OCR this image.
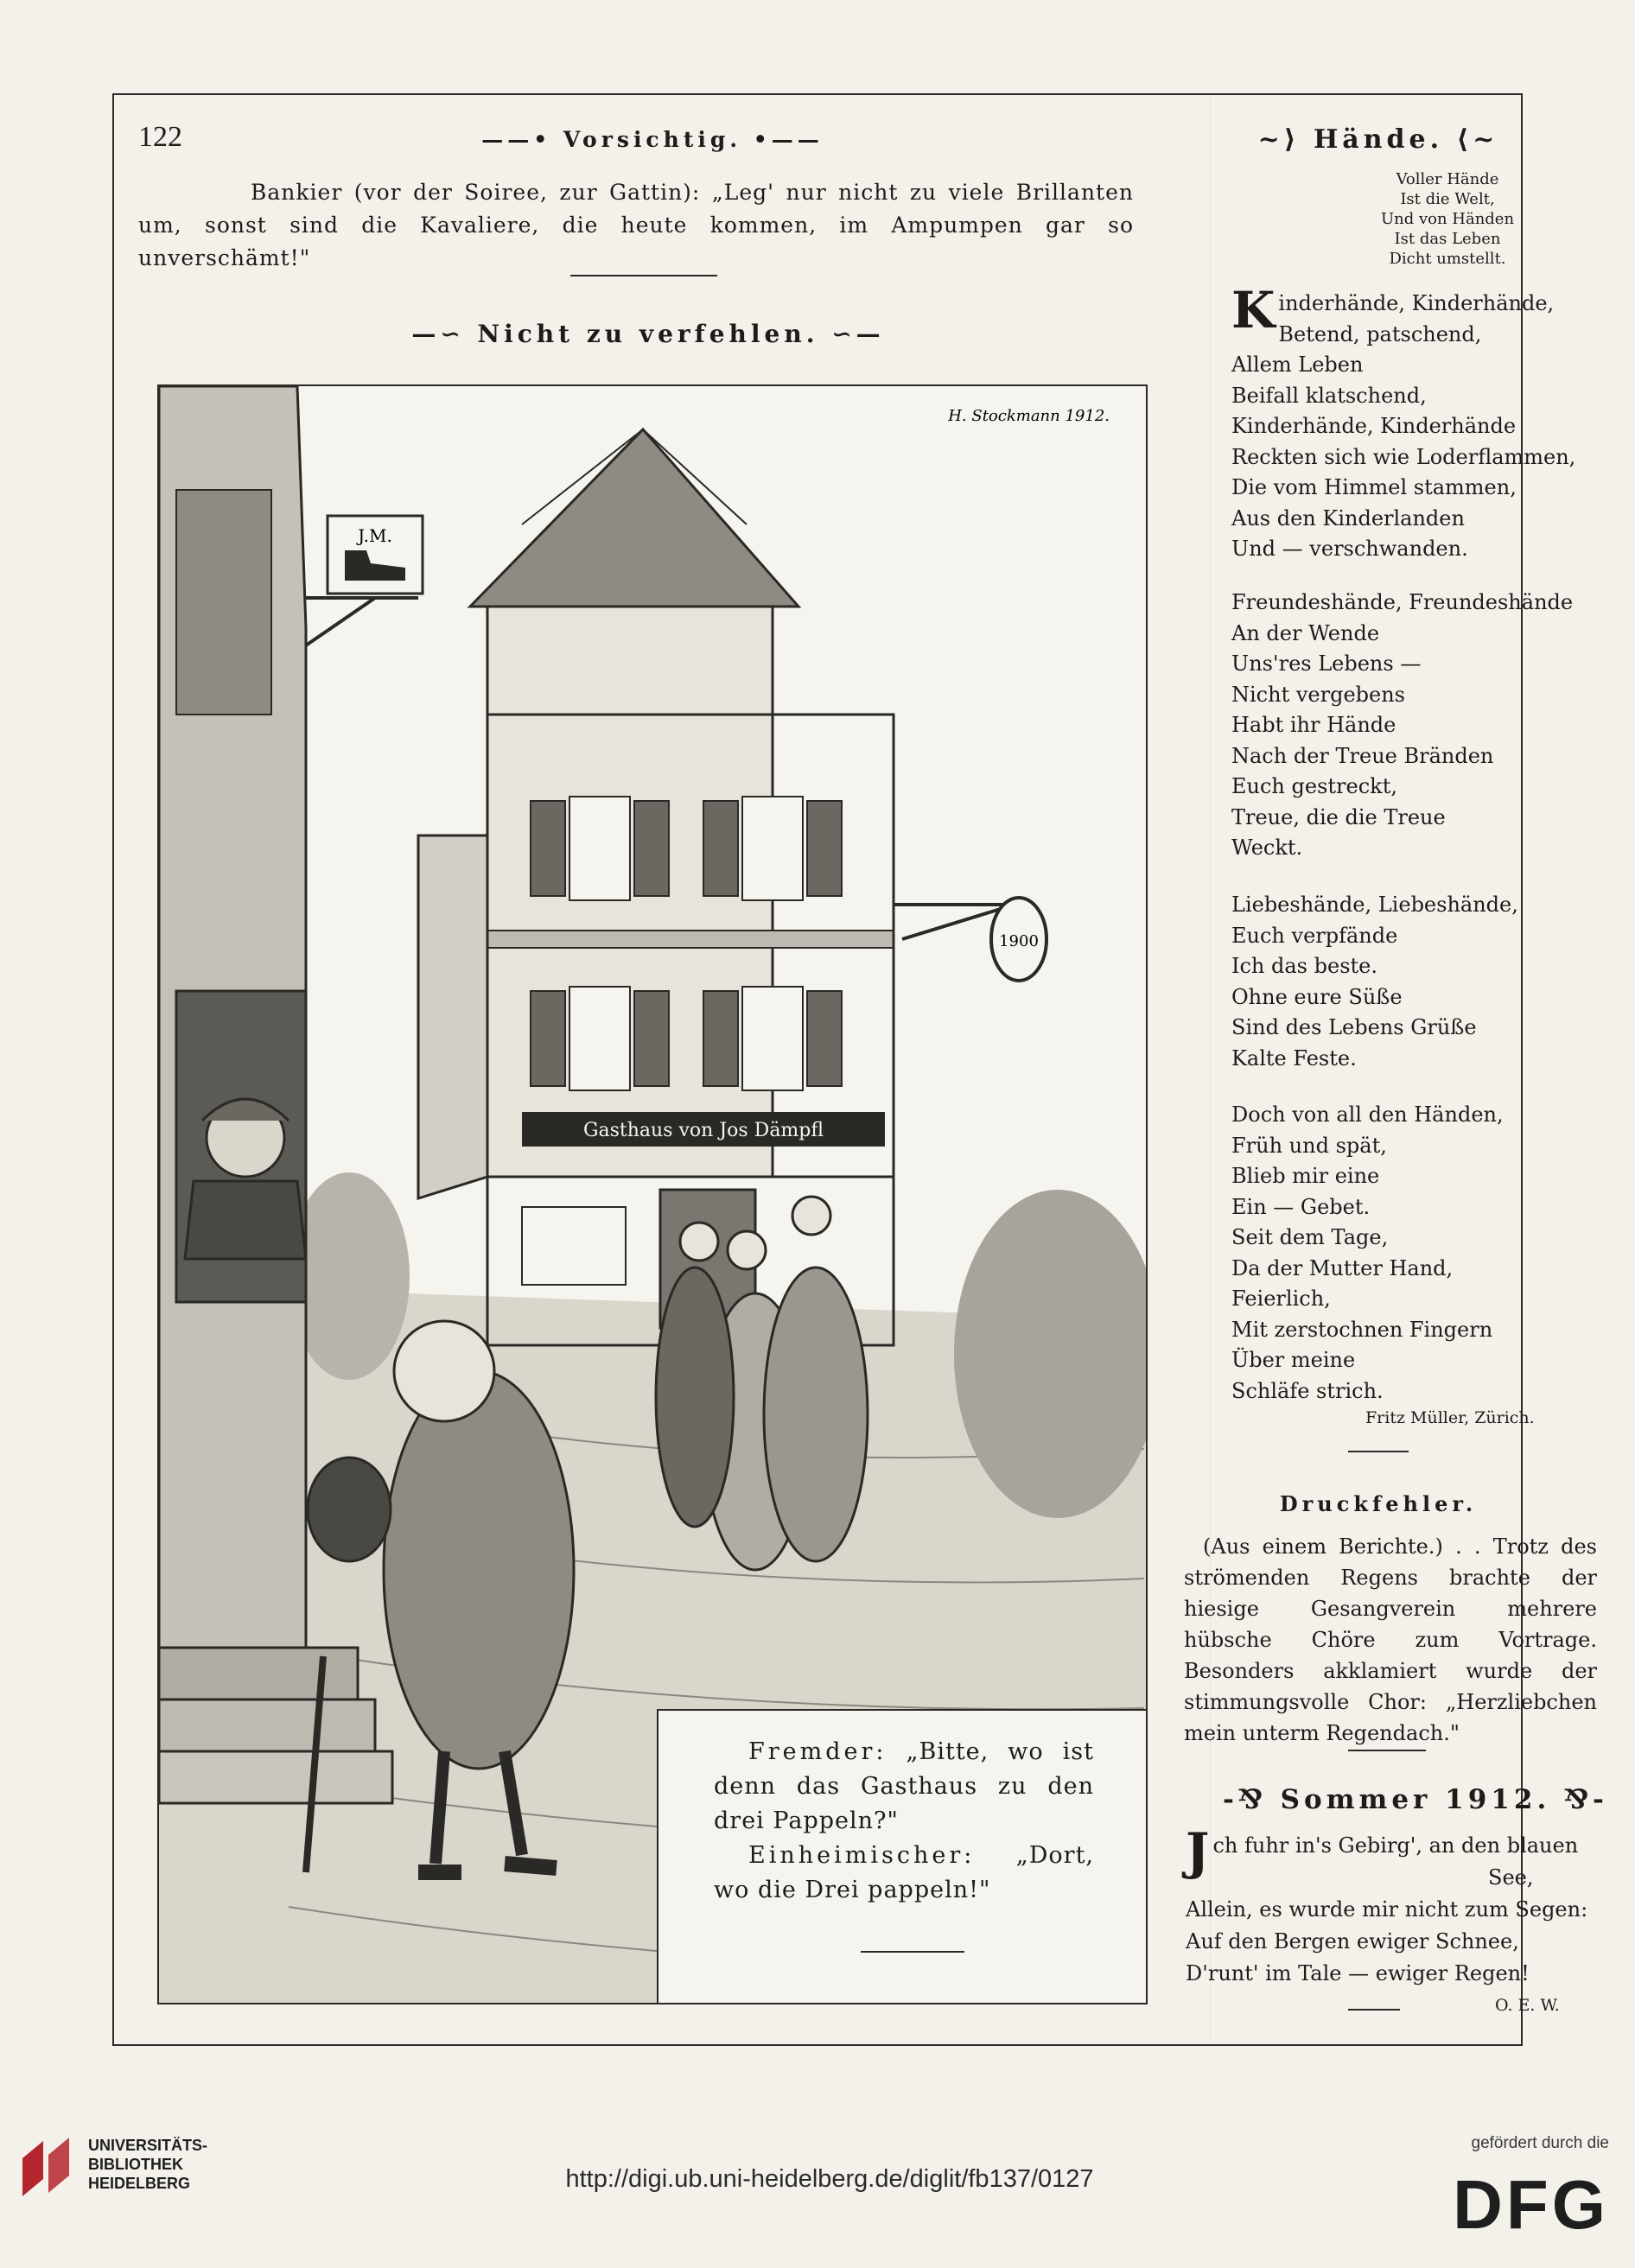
122	——• Vorsichtig. •——
Bankier (vor der Soiree, zur Gattin): „Leg' nur nicht zu viele Brillanten um, sonst sind die Kavaliere, die heute kommen, im Ampumpen gar so unverschämt!"
—∽ Nicht zu verfehlen. ∽—
J.M.
Gasthaus von Jos Dämpfl
1900
H. Stockmann 1912.

Fremder: „Bitte, wo ist denn das Gasthaus zu den drei Pappeln?"

Einheimischer: „Dort, wo die Drei pappeln!"

~⟩ Hände. ⟨~
Voller Hände
Ist die Welt,
Und von Händen
Ist das Leben
Dicht umstellt.
K inderhände, Kinderhände,
Betend, patschend,
Allem Leben
Beifall klatschend,
Kinderhände, Kinderhände
Reckten sich wie Loderflammen,
Die vom Himmel stammen,
Aus den Kinderlanden
Und — verschwanden.
Freundeshände, Freundeshände
An der Wende
Uns'res Lebens —
Nicht vergebens
Habt ihr Hände
Nach der Treue Bränden
Euch gestreckt,
Treue, die die Treue
Weckt.
Liebeshände, Liebeshände,
Euch verpfände
Ich das beste.
Ohne eure Süße
Sind des Lebens Grüße
Kalte Feste.
Doch von all den Händen,
Früh und spät,
Blieb mir eine
Ein — Gebet.
Seit dem Tage,
Da der Mutter Hand,
Feierlich,
Mit zerstochnen Fingern
Über meine
Schläfe strich.
Fritz Müller, Zürich.
Druckfehler.
(Aus einem Berichte.) . . Trotz des strömenden Regens brachte der hiesige Gesangverein mehrere hübsche Chöre zum Vortrage. Besonders akklamiert wurde der stimmungsvolle Chor: „Herzliebchen mein unterm Regendach."
-⅋ Sommer 1912. ⅋-
J ch fuhr in's Gebirg', an den blauen
See,
Allein, es wurde mir nicht zum Segen:
Auf den Bergen ewiger Schnee,
D'runt' im Tale — ewiger Regen!
O. E. W.
UNIVERSITÄTS-
BIBLIOTHEK
HEIDELBERG	http://digi.ub.uni-heidelberg.de/diglit/fb137/0127
gefördert durch die
DFG
